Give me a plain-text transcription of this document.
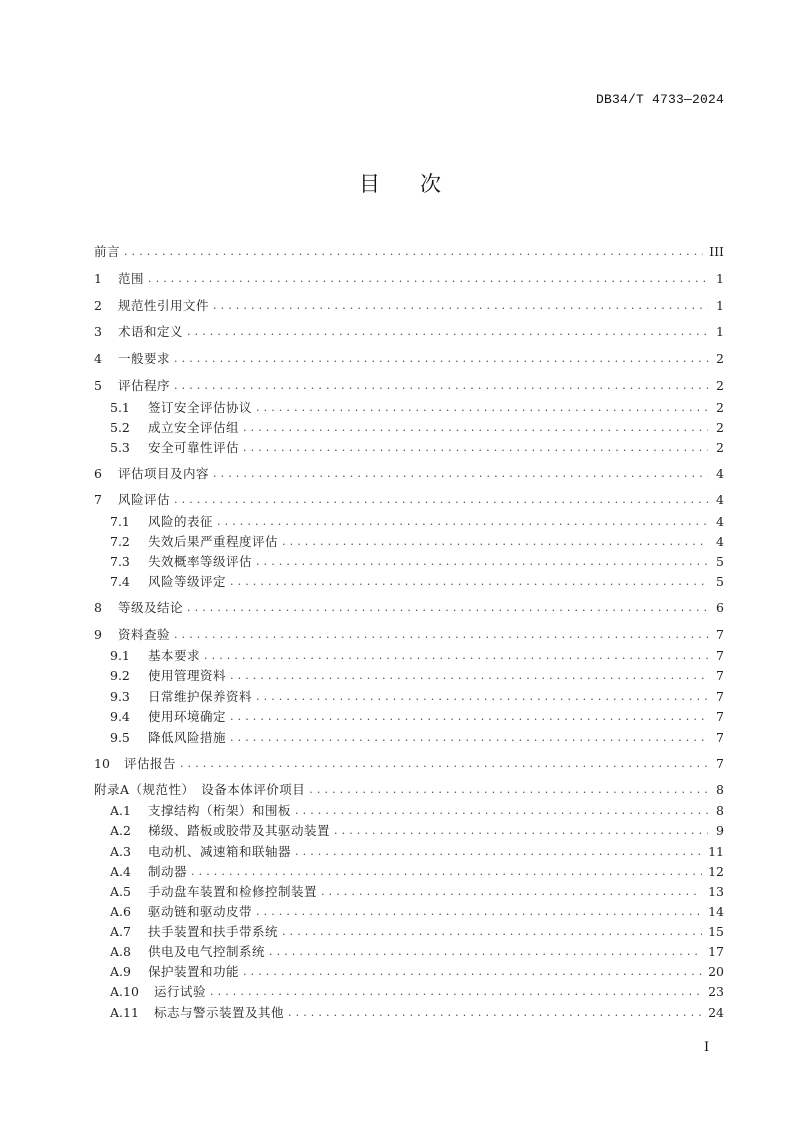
DB34/T 4733—2024
目 次
前言 .....	III
1	范围 .....	1
2	规范性引用文件 .....	1
3	术语和定义 .....	1
4	一般要求 .....	2
5	评估程序 .....	2
5.1	签订安全评估协议 .....	2
5.2	成立安全评估组 .....	2
5.3	安全可靠性评估 .....	2
6	评估项目及内容 .....	4
7	风险评估 .....	4
7.1	风险的表征 .....	4
7.2	失效后果严重程度评估 .....	4
7.3	失效概率等级评估 .....	5
7.4	风险等级评定 .....	5
8	等级及结论 .....	6
9	资料查验 .....	7
9.1	基本要求 .....	7
9.2	使用管理资料 .....	7
9.3	日常维护保养资料 .....	7
9.4	使用环境确定 .....	7
9.5	降低风险措施 .....	7
10	评估报告 .....	7
附录A（规范性）　设备本体评价项目 .....	8
A.1	支撑结构（桁架）和围板 .....	8
A.2	梯级、踏板或胶带及其驱动装置 .....	9
A.3	电动机、减速箱和联轴器 .....	11
A.4	制动器 .....	12
A.5	手动盘车装置和检修控制装置 .....	13
A.6	驱动链和驱动皮带 .....	14
A.7	扶手装置和扶手带系统 .....	15
A.8	供电及电气控制系统 .....	17
A.9	保护装置和功能 .....	20
A.10	运行试验 .....	23
A.11	标志与警示装置及其他 .....	24
I
